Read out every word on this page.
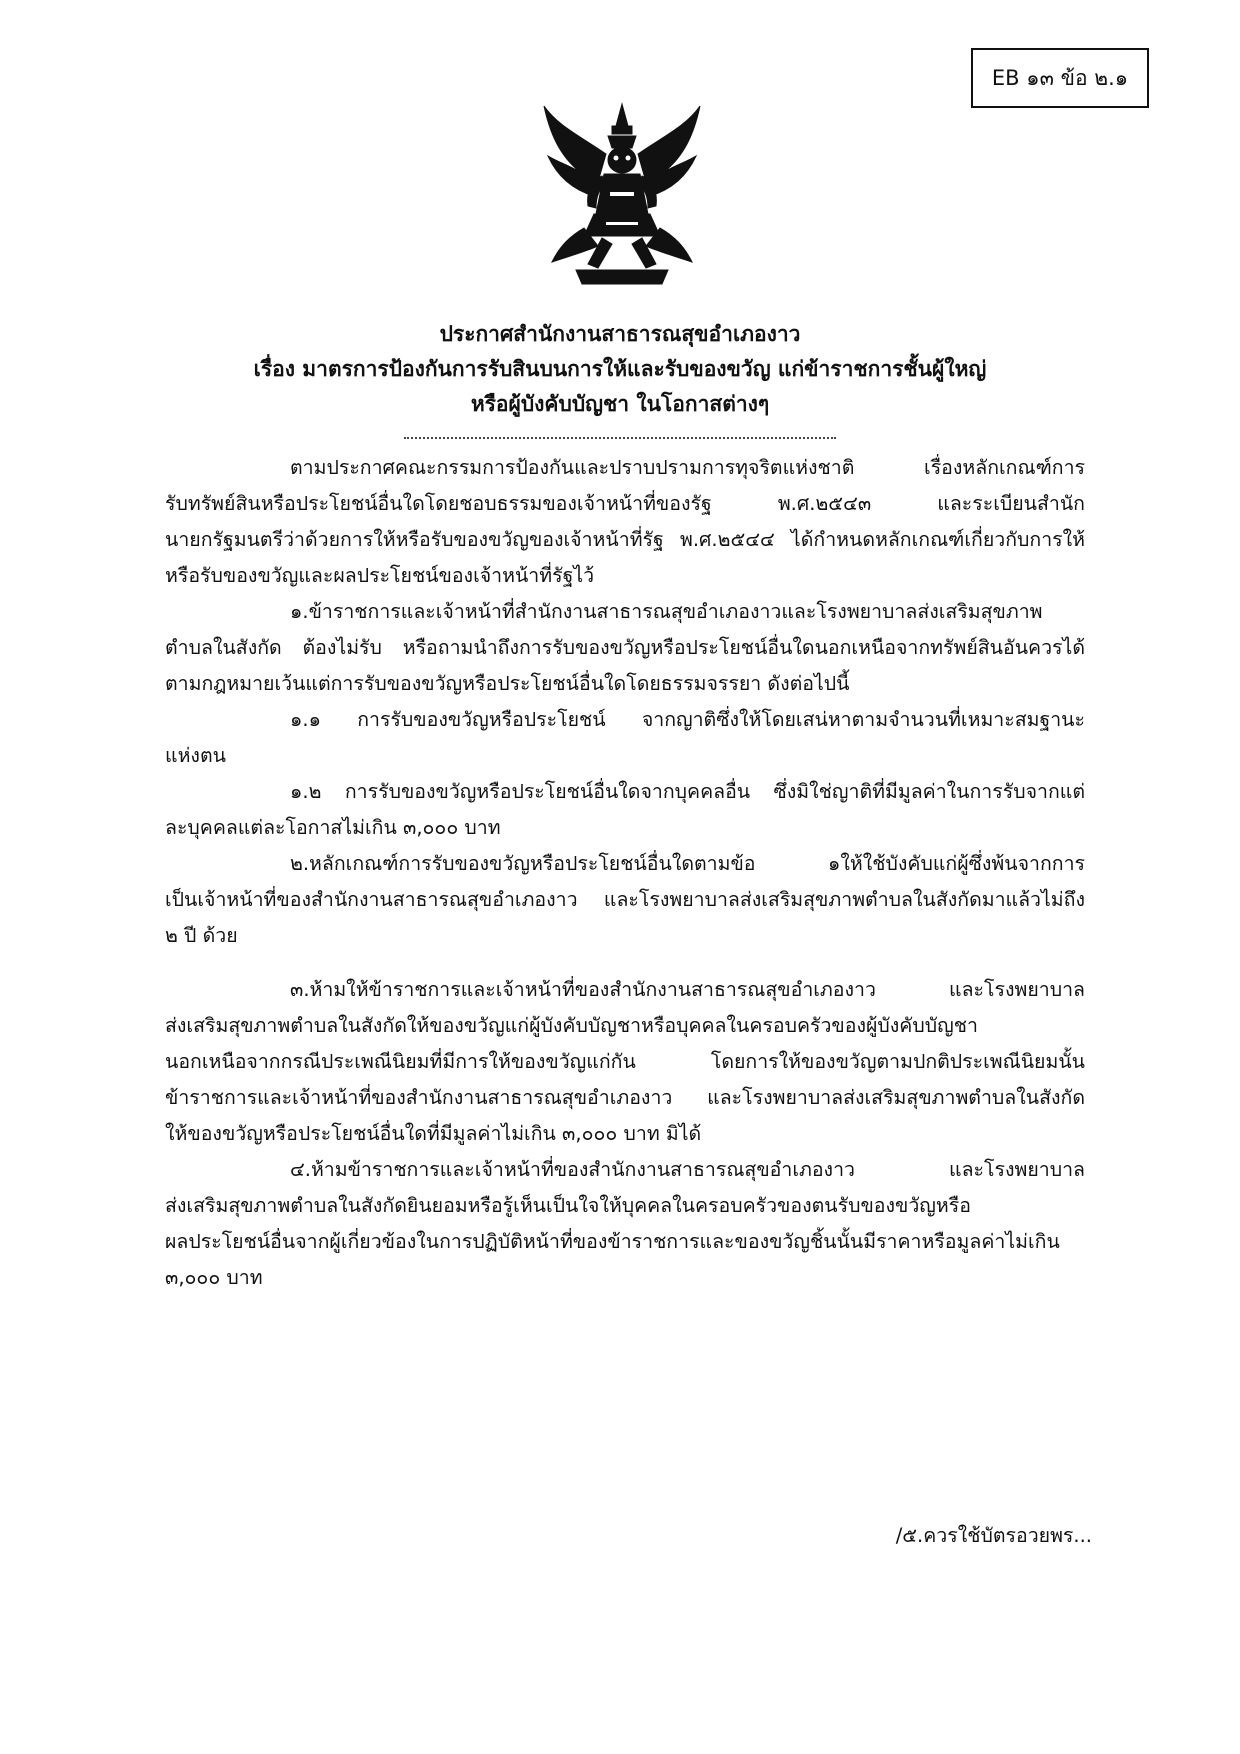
EB ๑๓ ข้อ ๒.๑
ประกาศสำนักงานสาธารณสุขอำเภองาว
เรื่อง มาตรการป้องกันการรับสินบนการให้และรับของขวัญ แก่ข้าราชการชั้นผู้ใหญ่
หรือผู้บังคับบัญชา ในโอกาสต่างๆ
ตามประกาศคณะกรรมการป้องกันและปราบปรามการทุจริตแห่งชาติ เรื่องหลักเกณฑ์การ
รับทรัพย์สินหรือประโยชน์อื่นใดโดยชอบธรรมของเจ้าหน้าที่ของรัฐ พ.ศ.๒๕๔๓ และระเบียนสำนัก
นายกรัฐมนตรีว่าด้วยการให้หรือรับของขวัญของเจ้าหน้าที่รัฐ พ.ศ.๒๕๔๔ ได้กำหนดหลักเกณฑ์เกี่ยวกับการให้
หรือรับของขวัญและผลประโยชน์ของเจ้าหน้าที่รัฐไว้
๑.ข้าราชการและเจ้าหน้าที่สำนักงานสาธารณสุขอำเภองาวและโรงพยาบาลส่งเสริมสุขภาพ
ตำบลในสังกัด ต้องไม่รับ หรือถามนำถึงการรับของขวัญหรือประโยชน์อื่นใดนอกเหนือจากทรัพย์สินอันควรได้
ตามกฎหมายเว้นแต่การรับของขวัญหรือประโยชน์อื่นใดโดยธรรมจรรยา ดังต่อไปนี้
๑.๑ การรับของขวัญหรือประโยชน์ จากญาติซึ่งให้โดยเสน่หาตามจำนวนที่เหมาะสมฐานะ
แห่งตน
๑.๒ การรับของขวัญหรือประโยชน์อื่นใดจากบุคคลอื่น ซึ่งมิใช่ญาติที่มีมูลค่าในการรับจากแต่
ละบุคคลแต่ละโอกาสไม่เกิน ๓,๐๐๐ บาท
๒.หลักเกณฑ์การรับของขวัญหรือประโยชน์อื่นใดตามข้อ ๑ให้ใช้บังคับแก่ผู้ซึ่งพ้นจากการ
เป็นเจ้าหน้าที่ของสำนักงานสาธารณสุขอำเภองาว และโรงพยาบาลส่งเสริมสุขภาพตำบลในสังกัดมาแล้วไม่ถึง
๒ ปี ด้วย
๓.ห้ามให้ข้าราชการและเจ้าหน้าที่ของสำนักงานสาธารณสุขอำเภองาว และโรงพยาบาล
ส่งเสริมสุขภาพตำบลในสังกัดให้ของขวัญแก่ผู้บังคับบัญชาหรือบุคคลในครอบครัวของผู้บังคับบัญชา
นอกเหนือจากกรณีประเพณีนิยมที่มีการให้ของขวัญแก่กัน โดยการให้ของขวัญตามปกติประเพณีนิยมนั้น
ข้าราชการและเจ้าหน้าที่ของสำนักงานสาธารณสุขอำเภองาว และโรงพยาบาลส่งเสริมสุขภาพตำบลในสังกัด
ให้ของขวัญหรือประโยชน์อื่นใดที่มีมูลค่าไม่เกิน ๓,๐๐๐ บาท มิได้
๔.ห้ามข้าราชการและเจ้าหน้าที่ของสำนักงานสาธารณสุขอำเภองาว และโรงพยาบาล
ส่งเสริมสุขภาพตำบลในสังกัดยินยอมหรือรู้เห็นเป็นใจให้บุคคลในครอบครัวของตนรับของขวัญหรือ
ผลประโยชน์อื่นจากผู้เกี่ยวข้องในการปฏิบัติหน้าที่ของข้าราชการและของขวัญชิ้นนั้นมีราคาหรือมูลค่าไม่เกิน
๓,๐๐๐ บาท
/๕.ควรใช้บัตรอวยพร...
